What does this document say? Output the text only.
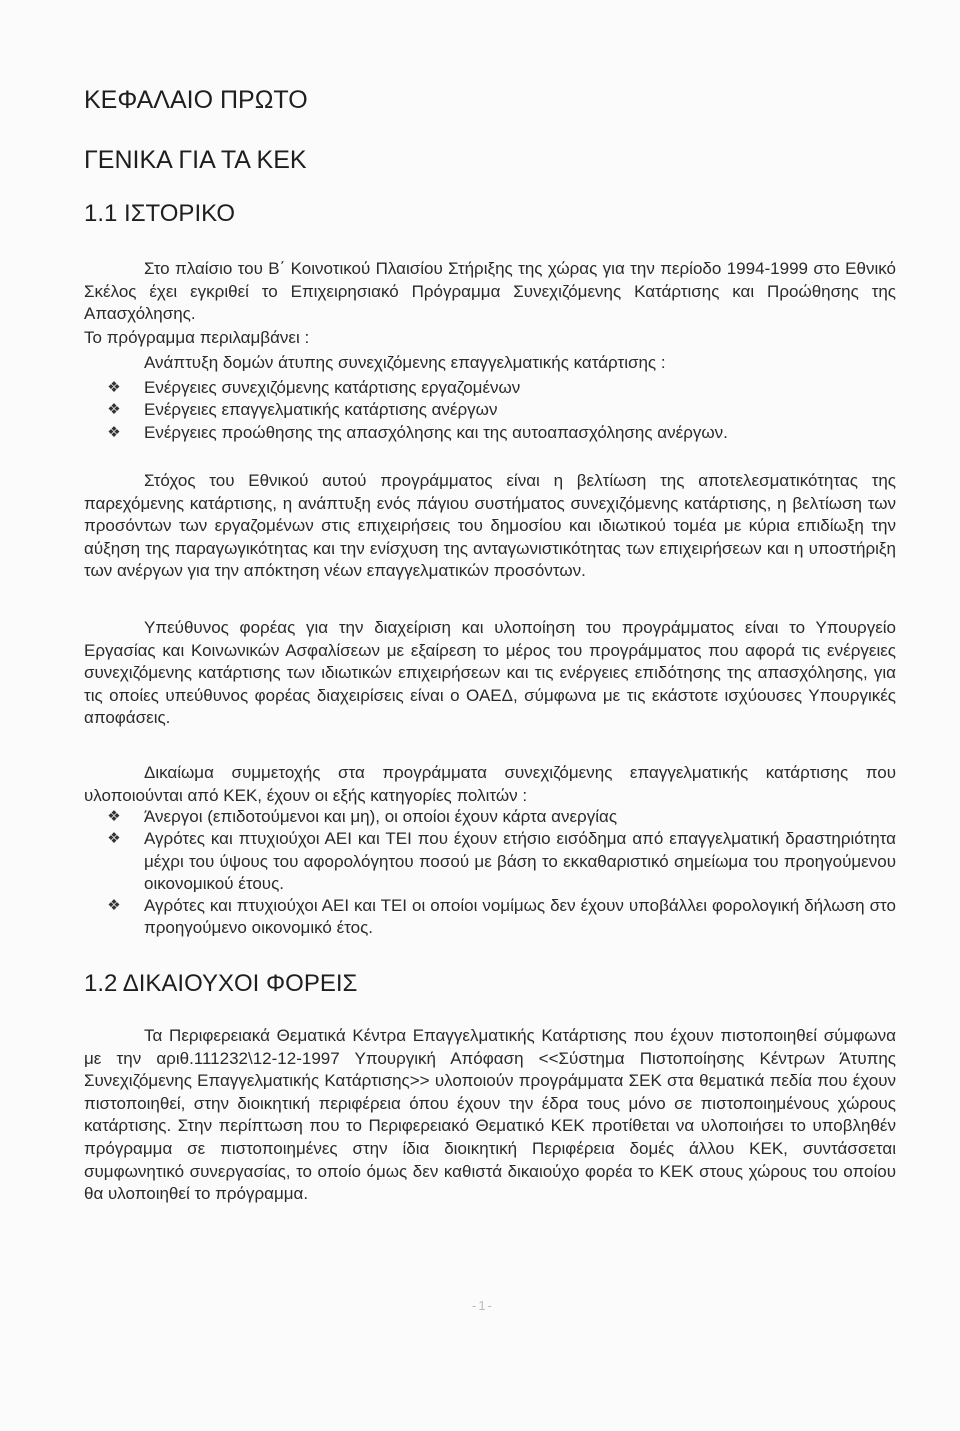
ΚΕΦΑΛΑΙΟ ΠΡΩΤΟ
ΓΕΝΙΚΑ ΓΙΑ ΤΑ ΚΕΚ
1.1 ΙΣΤΟΡΙΚΟ

Στο πλαίσιο του Β΄ Κοινοτικού Πλαισίου Στήριξης της χώρας για την περίοδο 1994-1999 στο Εθνικό Σκέλος έχει εγκριθεί το Επιχειρησιακό Πρόγραμμα Συνεχιζόμενης Κατάρτισης και Προώθησης της Απασχόλησης.

Το πρόγραμμα περιλαμβάνει :

Ανάπτυξη δομών άτυπης συνεχιζόμενης επαγγελματικής κατάρτισης :

❖ Ενέργειες συνεχιζόμενης κατάρτισης εργαζομένων
❖ Ενέργειες επαγγελματικής κατάρτισης ανέργων
❖ Ενέργειες προώθησης της απασχόλησης και της αυτοαπασχόλησης ανέργων.

Στόχος του Εθνικού αυτού προγράμματος είναι η βελτίωση της αποτελεσματικότητας της παρεχόμενης κατάρτισης, η ανάπτυξη ενός πάγιου συστήματος συνεχιζόμενης κατάρτισης, η βελτίωση των προσόντων των εργαζομένων στις επιχειρήσεις του δημοσίου και ιδιωτικού τομέα με κύρια επιδίωξη την αύξηση της παραγωγικότητας και την ενίσχυση της ανταγωνιστικότητας των επιχειρήσεων και η υποστήριξη των ανέργων για την απόκτηση νέων επαγγελματικών προσόντων.

Υπεύθυνος φορέας για την διαχείριση και υλοποίηση του προγράμματος είναι το Υπουργείο Εργασίας και Κοινωνικών Ασφαλίσεων με εξαίρεση το μέρος του προγράμματος που αφορά τις ενέργειες συνεχιζόμενης κατάρτισης των ιδιωτικών επιχειρήσεων και τις ενέργειες επιδότησης της απασχόλησης, για τις οποίες υπεύθυνος φορέας διαχειρίσεις είναι ο ΟΑΕΔ, σύμφωνα με τις εκάστοτε ισχύουσες Υπουργικές αποφάσεις.

Δικαίωμα συμμετοχής στα προγράμματα συνεχιζόμενης επαγγελματικής κατάρτισης που υλοποιούνται από ΚΕΚ, έχουν οι εξής κατηγορίες πολιτών :

❖ Άνεργοι (επιδοτούμενοι και μη), οι οποίοι έχουν κάρτα ανεργίας
❖ Αγρότες και πτυχιούχοι ΑΕΙ και ΤΕΙ που έχουν ετήσιο εισόδημα από επαγγελματική δραστηριότητα μέχρι του ύψους του αφορολόγητου ποσού με βάση το εκκαθαριστικό σημείωμα του προηγούμενου οικονομικού έτους.
❖ Αγρότες και πτυχιούχοι ΑΕΙ και ΤΕΙ οι οποίοι νομίμως δεν έχουν υποβάλλει φορολογική δήλωση στο προηγούμενο οικονομικό έτος.
1.2 ΔΙΚΑΙΟΥΧΟΙ ΦΟΡΕΙΣ

Τα Περιφερειακά Θεματικά Κέντρα Επαγγελματικής Κατάρτισης που έχουν πιστοποιηθεί σύμφωνα με την αριθ.111232\12-12-1997 Υπουργική Απόφαση <<Σύστημα Πιστοποίησης Κέντρων Άτυπης Συνεχιζόμενης Επαγγελματικής Κατάρτισης>> υλοποιούν προγράμματα ΣΕΚ στα θεματικά πεδία που έχουν πιστοποιηθεί, στην διοικητική περιφέρεια όπου έχουν την έδρα τους μόνο σε πιστοποιημένους χώρους κατάρτισης. Στην περίπτωση που το Περιφερειακό Θεματικό ΚΕΚ προτίθεται να υλοποιήσει το υποβληθέν πρόγραμμα σε πιστοποιημένες στην ίδια διοικητική Περιφέρεια δομές άλλου ΚΕΚ, συντάσσεται συμφωνητικό συνεργασίας, το οποίο όμως δεν καθιστά δικαιούχο φορέα το ΚΕΚ στους χώρους του οποίου θα υλοποιηθεί το πρόγραμμα.

-1-
